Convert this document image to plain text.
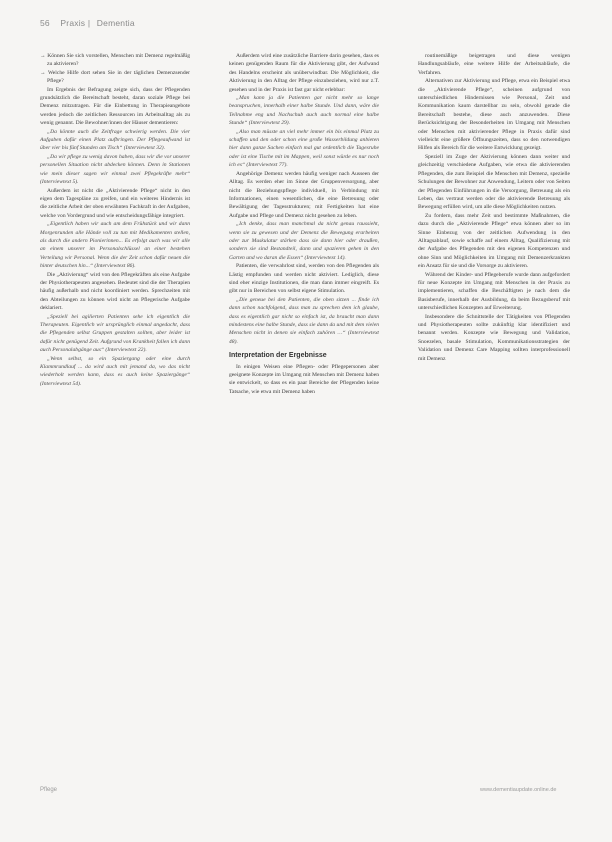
56 Praxis | Dementia

→ Können Sie sich vorstellen, Menschen mit Demenz regelmäßig zu aktivieren?

→ Welche Hilfe dort sehen Sie in der täglichen Demenzsender Pflege?

Im Ergebnis der Befragung zeigte sich, dass der Pflegenden grundsätzlich die Bereitschaft besteht, daran soziale Pflege bei Demenz mitzutragen. Für die Einbettung in Therapieangebote werden jedoch die zeitlichen Ressourcen im Arbeitsalltag als zu wenig genannt. Die Bewohner/innen der Häuser dementieren:

„Da könnte auch die Zeitfrage schwierig werden. Die vier Aufgaben dafür einen Platz aufbringen. Der Pflegeaufwand ist über vier bis fünf Stunden am Tisch“ (Interviewtext 32).

„Da wir pflege zu wenig davon haben, dass wir die vor unserer personellen Situation nicht abdecken können. Denn in Stationen wie mein dieser sagen wir einmal zwei Pflegekräfte mehr“ (Interviewtext 5).

Außerdem ist nicht die „Aktivierende Pflege“ nicht in den eigen dem Tagespläne zu greifen, und ein weiteres Hindernis ist die zeitliche Arbeit der oben erwähnten Fachkraft in der Aufgaben, welche von Vordergrund und wie entscheidungsfähige integriert.

„Eigentlich haben wir auch am dem Frühstück und wir dann Morgenrunden alle Hände voll zu tun mit Medikamenten stellen, als durch die andern Pionierinnen... Es erfolgt auch was wir alle an einem unserer im Personalschlüssel an einer bestehen Verteilung wir Personal. Wenn die der Zeit schon dafür neuen die hinter deutschen hin...“ (Interviewtext 86).

Die „Aktivierung“ wird von den Pflegekräften als eine Aufgabe der Physiotherapeuten angesehen. Bedeutet sind die der Therapien häufig außerhalb und nicht koordiniert werden. Sprechzeiten mit den Abteilungen zu können wird nicht an Pflegerische Aufgabe deklariert.

„Speziell bei agilierten Patienten sehe ich eigentlich die Therapeuten. Eigentlich wir ursprünglich einmal angedacht, dass die Pflegenden selbst Gruppen gestalten sollten, aber leider ist dafür nicht genügend Zeit. Aufgrund von Krankheit fallen ich dann auch Personalabgänge aus“ (Interviewtext 22).

„Wenn selbst, so ein Spaziergang oder eine durch Klammrundlauf ... da wird auch mit jemand da, wo das nicht wiederholt werden kann, dass es auch keine Spaziergänge“ (Interviewtext 54).

Außerdem wird eine zusätzliche Barriere darin gesehen, dass es keinen genügenden Raum für die Aktivierung gibt, der Aufwand des Handelns erscheint als unüberwindbar. Die Möglichkeit, die Aktivierung in den Alltag der Pflege einzubeziehen, wird nur z.T. gesehen und in der Praxis ist fast gar nicht erlebbar:

„Man kann ja die Patienten gar nicht mehr so lange beanspruchen, innerhalb einer halbe Stunde. Und dann, wäre die Teilnahme eng und Nachschub auch auch normal eine halbe Stunde“ (Interviewtext 29).

„Also man müsste an viel mehr immer ein bis einmal Platz zu schaffen und den oder schon eine große Wasserbildung anbieten hier dann ganze Sachen einfach mal gut ordentlich die Tagesruhe oder ist eine Tische mit im Mappen, weil sonst würde es nur noch ich es“ (Interviewtext 77).

Angehörige Demenz werden häufig weniger nach Ausseen der Alltag. Es werden eher im Sinne der Gruppenversorgung, aber nicht die Beziehungspflege individuell, in Verbindung mit Informationen, einen wesentlichen, die eine Betreuung oder Bewältigung der Tagesstrukturen; mit Fertigkeiten hat eine Aufgabe und Pflege und Demenz nicht gesehen zu leben.

„Ich denke, dass man manchmal da nicht genau raussieht, wenn sie zu gewesen und der Demenz die Bewegung erarbeiten oder zur Muskulatur stärken dass sie dann hier oder draußen, sondern sie sind Bestandteil, dann und spazieren gehen in den Garten und wo daran die Essen“ (Interviewtext 14).

Patienten, die verwahrlost sind, werden von den Pflegenden als Lästig empfunden und werden nicht aktiviert. Lediglich, diese sind eher einzige Institutionen, die man dann immer eingreift. Es gibt nur in Bereichen von selbst eigene Stimulation.

„Die geneue bei den Patienten, die oben sitzen ... finde ich dann schon nachfolgend, dass man zu sprechen dem ich glaube, dass es eigentlich gar nicht so einfach ist, da braucht man dann mindestens eine halbe Stunde, dass sie dann da und mit dem vielen Menschen nicht in denen sie einfach zuhören …“ (Interviewtext 48).

Interpretation der Ergebnisse

In einigen Weisen eine Pflegen- oder Pflegepersonen aber geeignete Konzepte im Umgang mit Menschen mit Demenz haben sie entwickelt, so dass es ein paar Bereiche der Pflegenden keine Tatsache, wie etwa mit Demenz haben

routinemäßige beigetragen und diese wenigen Handlungsabläufe, eine weitere Hilfe der Arbeitsabläufe, die Verfahren.

Alternativen zur Aktivierung und Pflege, etwa ein Beispiel etwa die „Aktivierende Pflege“, scheinen aufgrund von unterschiedlichen Hindernissen wie Personal, Zeit und Kommunikation kaum darstellbar zu sein, obwohl gerade die Bereitschaft bestehe, diese auch anzuwenden. Diese Berücksichtigung der Besonderheiten im Umgang mit Menschen oder Menschen mit aktivierender Pflege in Praxis dafür sind vielleicht eine größere Öffnungszeiten, dass so den notwendigen Hilfen als Bereich für die weitere Entwicklung gezeigt.

Speziell im Zuge der Aktivierung können dann weiter und gleichzeitig verschiedene Aufgaben, wie etwa die aktivierenden Pflegenden, die zum Beispiel die Menschen mit Demenz, spezielle Schulungen der Bewohner zur Anwendung, Leitern oder von Seiten der Pflegenden Einführungen in die Versorgung, Betreuung als ein Leben, das vertraut werden oder die aktivierende Betreuung als Bewegung erfüllen wird, um alle diese Möglichkeiten nutzen.

Zu fordern, dass mehr Zeit und bestimmte Maßnahmen, die dazu durch die „Aktivierende Pflege“ etwa können aber so im Sinne Einbezug von der zeitlichen Aufwendung in den Alltagsablauf, sowie schaffe auf einem Alltag, Qualifizierung mit der Aufgabe des Pflegenden mit den eigenen Kompetenzen und ohne Sinn und Möglichkeiten im Umgang mit Demenzerkrankten ein Ansatz für sie und die Vorsorge zu aktivieren.

Während der Kinder- und Pflegeberufe wurde dann aufgefordert für neue Konzepte im Umgang mit Menschen in der Praxis zu implementieren, schaffen die Beschäftigten je nach dem die Basisberufe, innerhalb der Ausbildung, da beim Bezugsberuf mit unterschiedlichen Konzepten auf Erweiterung.

Insbesondere die Schnittstelle der Tätigkeiten von Pflegenden und Physiotherapeuten sollte zukünftig klar identifiziert und benannt werden. Konzepte wie Bewegung und Validation, Snoezelen, basale Stimulation, Kommunikationsstrategien der Validation und Demenz Care Mapping sollten interprofessionell mit Demenz

Pflege	www.dementiaupdate.online.de
